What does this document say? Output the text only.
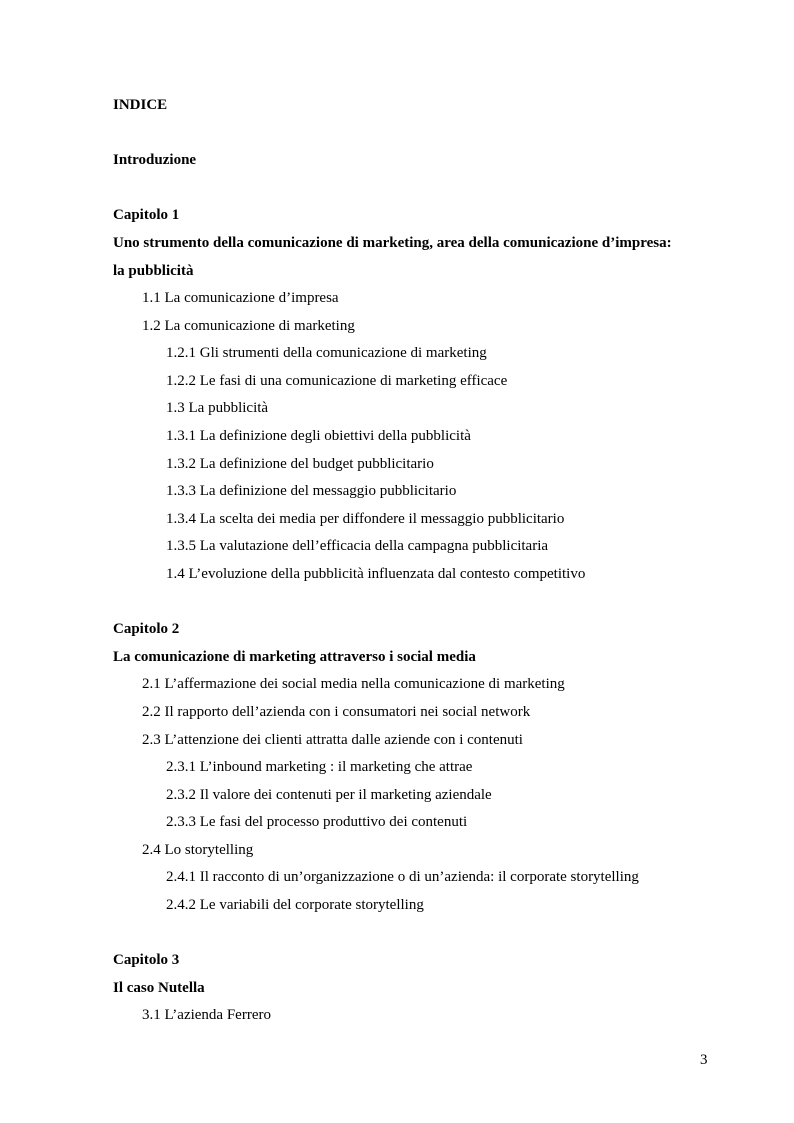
INDICE
Introduzione
Capitolo 1
Uno strumento della comunicazione di marketing, area della comunicazione d’impresa:
la pubblicità
1.1 La comunicazione d’impresa
1.2 La comunicazione di marketing
1.2.1 Gli strumenti della comunicazione di marketing
1.2.2 Le fasi di una comunicazione di marketing efficace
1.3 La pubblicità
1.3.1 La definizione degli obiettivi della pubblicità
1.3.2 La definizione del budget pubblicitario
1.3.3 La definizione del messaggio pubblicitario
1.3.4 La scelta dei media per diffondere il messaggio pubblicitario
1.3.5 La valutazione dell’efficacia della campagna pubblicitaria
1.4 L’evoluzione della pubblicità influenzata dal contesto competitivo
Capitolo 2
La comunicazione di marketing attraverso i social media
2.1 L’affermazione dei social media nella comunicazione di marketing
2.2 Il rapporto dell’azienda con i consumatori nei social network
2.3 L’attenzione dei clienti attratta dalle aziende con i contenuti
2.3.1 L’inbound marketing : il marketing che attrae
2.3.2 Il valore dei contenuti per il marketing aziendale
2.3.3 Le fasi del processo produttivo dei contenuti
2.4 Lo storytelling
2.4.1 Il racconto di un’organizzazione o di un’azienda: il corporate storytelling
2.4.2 Le variabili del corporate storytelling
Capitolo 3
Il caso Nutella
3.1 L’azienda Ferrero
3
